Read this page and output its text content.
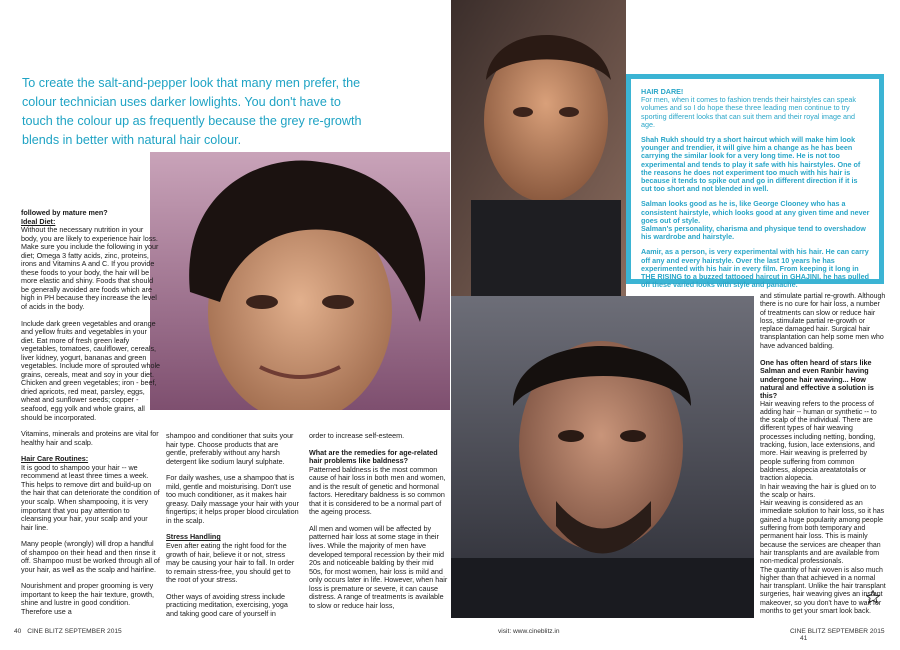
To create the salt-and-pepper look that many men prefer, the colour technician uses darker lowlights. You don't have to touch the colour up as frequently because the grey re-growth blends in better with natural hair colour.

followed by mature men?

Ideal Diet:

Without the necessary nutrition in your body, you are likely to experience hair loss. Make sure you include the following in your diet; Omega 3 fatty acids, zinc, proteins, irons and Vitamins A and C. If you provide these foods to your body, the hair will be more elastic and shiny. Foods that should be generally avoided are foods which are high in PH because they increase the level of acids in the body.

Include dark green vegetables and orange and yellow fruits and vegetables in your diet. Eat more of fresh green leafy vegetables, tomatoes, cauliflower, cereals, liver kidney, yogurt, bananas and green vegetables. Include more of sprouted whole grains, cereals, meat and soy in your diet. Chicken and green vegetables; iron - beef, dried apricots, red meat, parsley, eggs, wheat and sunflower seeds; copper - seafood, egg yolk and whole grains, all should be incorporated.

Vitamins, minerals and proteins are vital for healthy hair and scalp.

Hair Care Routines:

It is good to shampoo your hair -- we recommend at least three times a week. This helps to remove dirt and build-up on the hair that can deteriorate the condition of your scalp. When shampooing, it is very important that you pay attention to cleansing your hair, your scalp and your hair line.

Many people (wrongly) will drop a handful of shampoo on their head and then rinse it off. Shampoo must be worked through all of your hair, as well as the scalp and hairline.

Nourishment and proper grooming is very important to keep the hair texture, growth, shine and lustre in good condition. Therefore use a

shampoo and conditioner that suits your hair type. Choose products that are gentle, preferably without any harsh detergent like sodium lauryl sulphate.

For daily washes, use a shampoo that is mild, gentle and moisturising. Don't use too much conditioner, as it makes hair greasy. Daily massage your hair with your fingertips; it helps proper blood circulation in the scalp.

Stress Handling

Even after eating the right food for the growth of hair, believe it or not, stress may be causing your hair to fall. In order to remain stress-free, you should get to the root of your stress.

Other ways of avoiding stress include practicing meditation, exercising, yoga and taking good care of yourself in

order to increase self-esteem.

What are the remedies for age-related hair problems like baldness?

Patterned baldness is the most common cause of hair loss in both men and women, and is the result of genetic and hormonal factors. Hereditary baldness is so common that it is considered to be a normal part of the ageing process.

All men and women will be affected by patterned hair loss at some stage in their lives. While the majority of men have developed temporal recession by their mid 20s and noticeable balding by their mid 50s, for most women, hair loss is mild and only occurs later in life. However, when hair loss is premature or severe, it can cause distress. A range of treatments is available to slow or reduce hair loss,

and stimulate partial re-growth. Although there is no cure for hair loss, a number of treatments can slow or reduce hair loss, stimulate partial re-growth or replace damaged hair. Surgical hair transplantation can help some men who have advanced balding.

One has often heard of stars like Salman and even Ranbir having undergone hair weaving... How natural and effective a solution is this?

Hair weaving refers to the process of adding hair -- human or synthetic -- to the scalp of the individual. There are different types of hair weaving processes including netting, bonding, tracking, fusion, lace extensions, and more. Hair weaving is preferred by people suffering from common baldness, alopecia areatatotalis or traction alopecia.

In hair weaving the hair is glued on to the scalp or hairs.

Hair weaving is considered as an immediate solution to hair loss, so it has gained a huge popularity among people suffering from both temporary and permanent hair loss. This is mainly because the services are cheaper than hair transplants and are available from non-medical professionals.

The quantity of hair woven is also much higher than that achieved in a normal hair transplant. Unlike the hair transplant surgeries, hair weaving gives an instant makeover, so you don't have to wait for months to get your smart look back.

HAIR DARE!

For men, when it comes to fashion trends their hairstyles can speak volumes and so I do hope these three leading men continue to try sporting different looks that can suit them and their royal image and age.

Shah Rukh should try a short haircut which will make him look younger and trendier, it will give him a change as he has been carrying the similar look for a very long time. He is not too experimental and tends to play it safe with his hairstyles. One of the reasons he does not experiment too much with his hair is because it tends to spike out and go in different direction if it is cut too short and not blended in well.

Salman looks good as he is, like George Clooney who has a consistent hairstyle, which looks good at any given time and never goes out of style.

Salman's personality, charisma and physique tend to overshadow his wardrobe and hairstyle.

Aamir, as a person, is very experimental with his hair. He can carry off any and every hairstyle. Over the last 10 years he has experimented with his hair in every film. From keeping it long in THE RISING to a buzzed tattooed haircut in GHAJINI, he has pulled off these varied looks with style and panache.

40 CINE BLITZ SEPTEMBER 2015	visit: www.cineblitz.in	CINE BLITZ SEPTEMBER 2015 41
